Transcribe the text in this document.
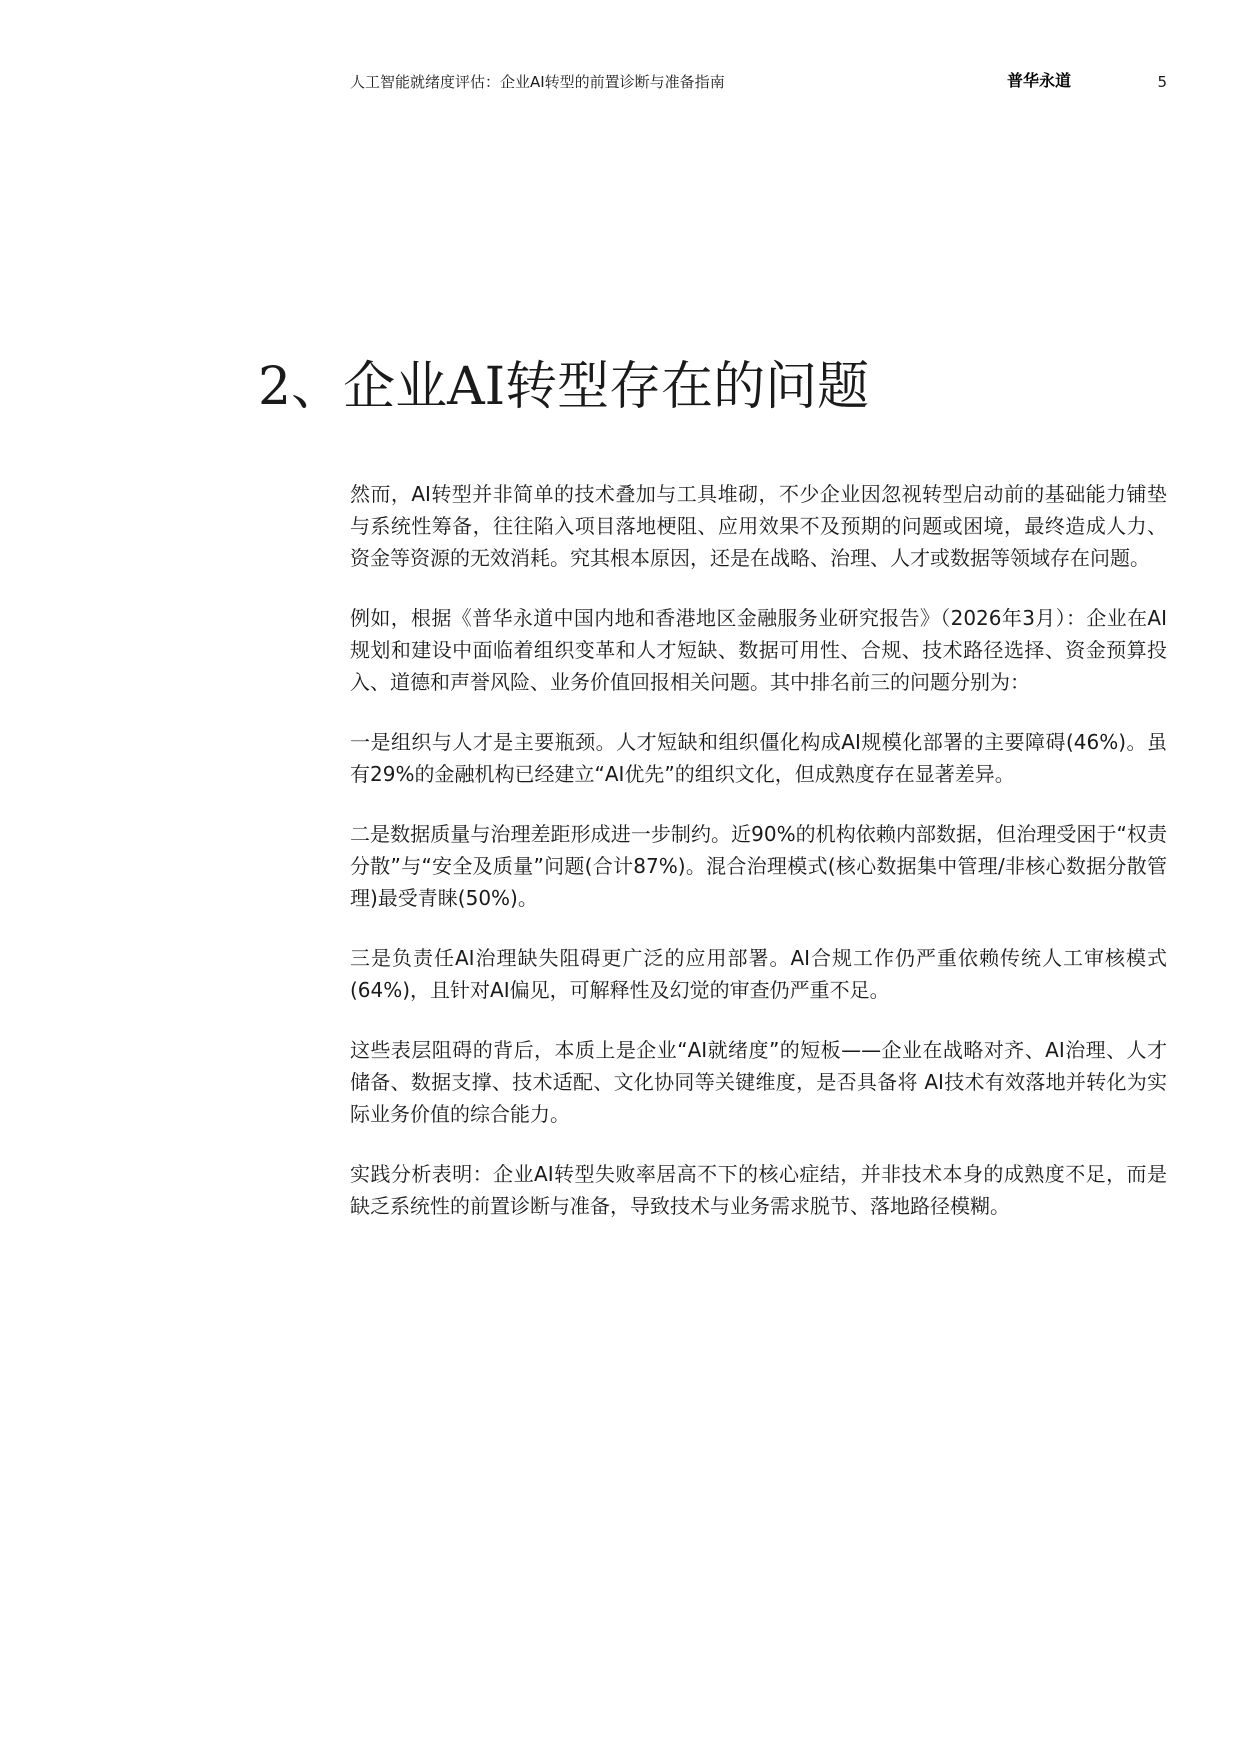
人工智能就绪度评估：企业AI转型的前置诊断与准备指南	普华永道	5
2、企业AI转型存在的问题

然而，AI转型并非简单的技术叠加与工具堆砌，不少企业因忽视转型启动前的基础能力铺垫与系统性筹备，往往陷入项目落地梗阻、应用效果不及预期的问题或困境，最终造成人力、资金等资源的无效消耗。究其根本原因，还是在战略、治理、人才或数据等领域存在问题。

例如，根据《普华永道中国内地和香港地区金融服务业研究报告》（2026年3月）：企业在AI规划和建设中面临着组织变革和人才短缺、数据可用性、合规、技术路径选择、资金预算投入、道德和声誉风险、业务价值回报相关问题。其中排名前三的问题分别为：

一是组织与人才是主要瓶颈。人才短缺和组织僵化构成AI规模化部署的主要障碍(46%)。虽有29%的金融机构已经建立“AI优先”的组织文化，但成熟度存在显著差异。

二是数据质量与治理差距形成进一步制约。近90%的机构依赖内部数据，但治理受困于“权责分散”与“安全及质量”问题(合计87%)。混合治理模式(核心数据集中管理/非核心数据分散管理)最受青睐(50%)。

三是负责任AI治理缺失阻碍更广泛的应用部署。AI合规工作仍严重依赖传统人工审核模式(64%)，且针对AI偏见，可解释性及幻觉的审查仍严重不足。

这些表层阻碍的背后，本质上是企业“AI就绪度”的短板——企业在战略对齐、AI治理、人才储备、数据支撑、技术适配、文化协同等关键维度，是否具备将 AI技术有效落地并转化为实际业务价值的综合能力。

实践分析表明：企业AI转型失败率居高不下的核心症结，并非技术本身的成熟度不足，而是缺乏系统性的前置诊断与准备，导致技术与业务需求脱节、落地路径模糊。
